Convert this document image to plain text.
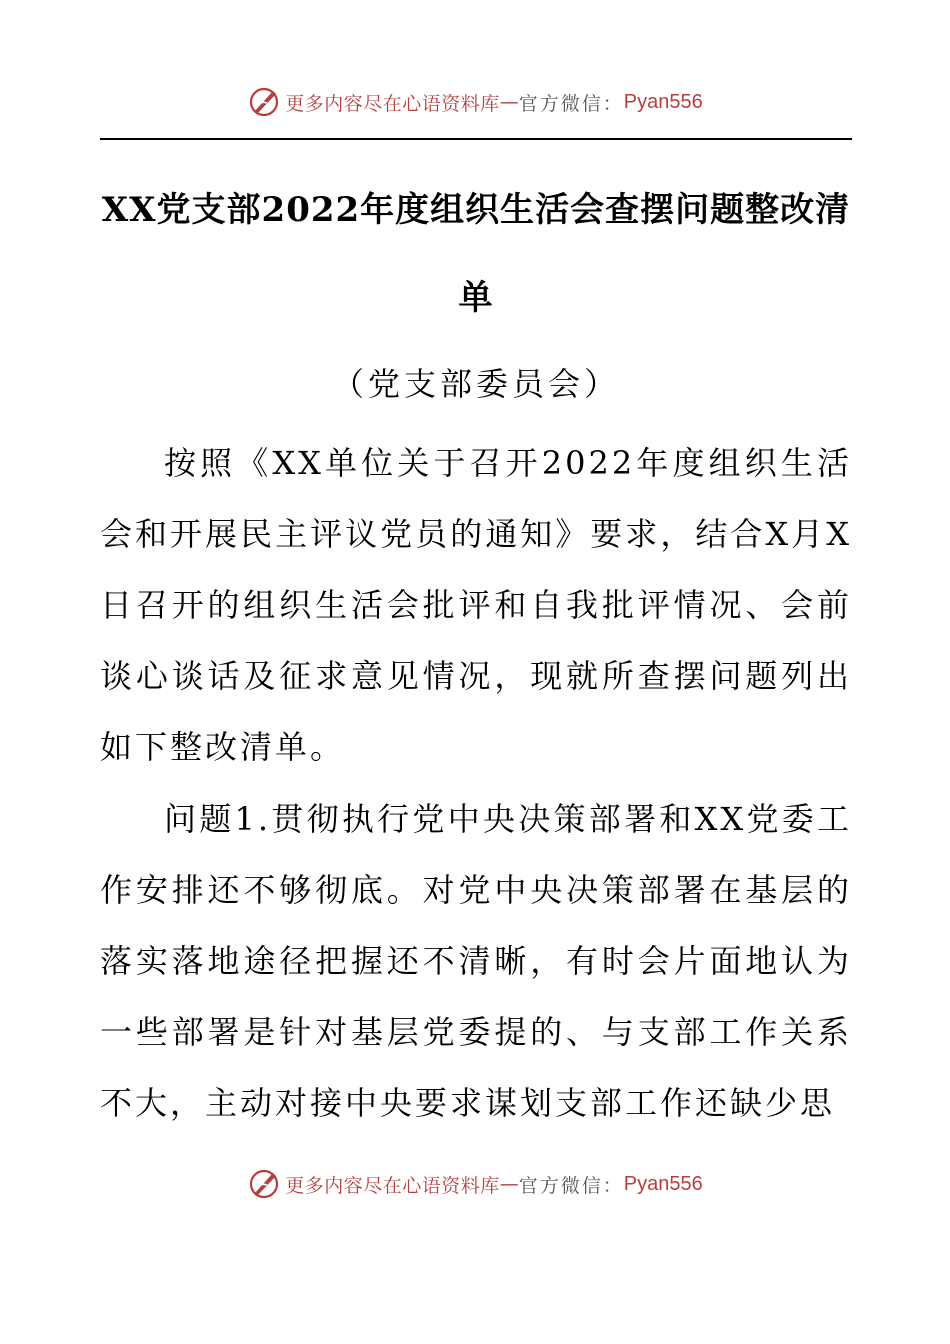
更多内容尽在心语资料库 — 官方微信： Pyan556
XX党支部2022年度组织生活会查摆问题整改清单

（党支部委员会）

按照《XX单位关于召开2022年度组织生活会和开展民主评议党员的通知》要求，结合X月X日召开的组织生活会批评和自我批评情况、会前谈心谈话及征求意见情况，现就所查摆问题列出如下整改清单。

问题1.贯彻执行党中央决策部署和XX党委工作安排还不够彻底。对党中央决策部署在基层的落实落地途径把握还不清晰，有时会片面地认为一些部署是针对基层党委提的、与支部工作关系不大，主动对接中央要求谋划支部工作还缺少思

更多内容尽在心语资料库 — 官方微信： Pyan556
